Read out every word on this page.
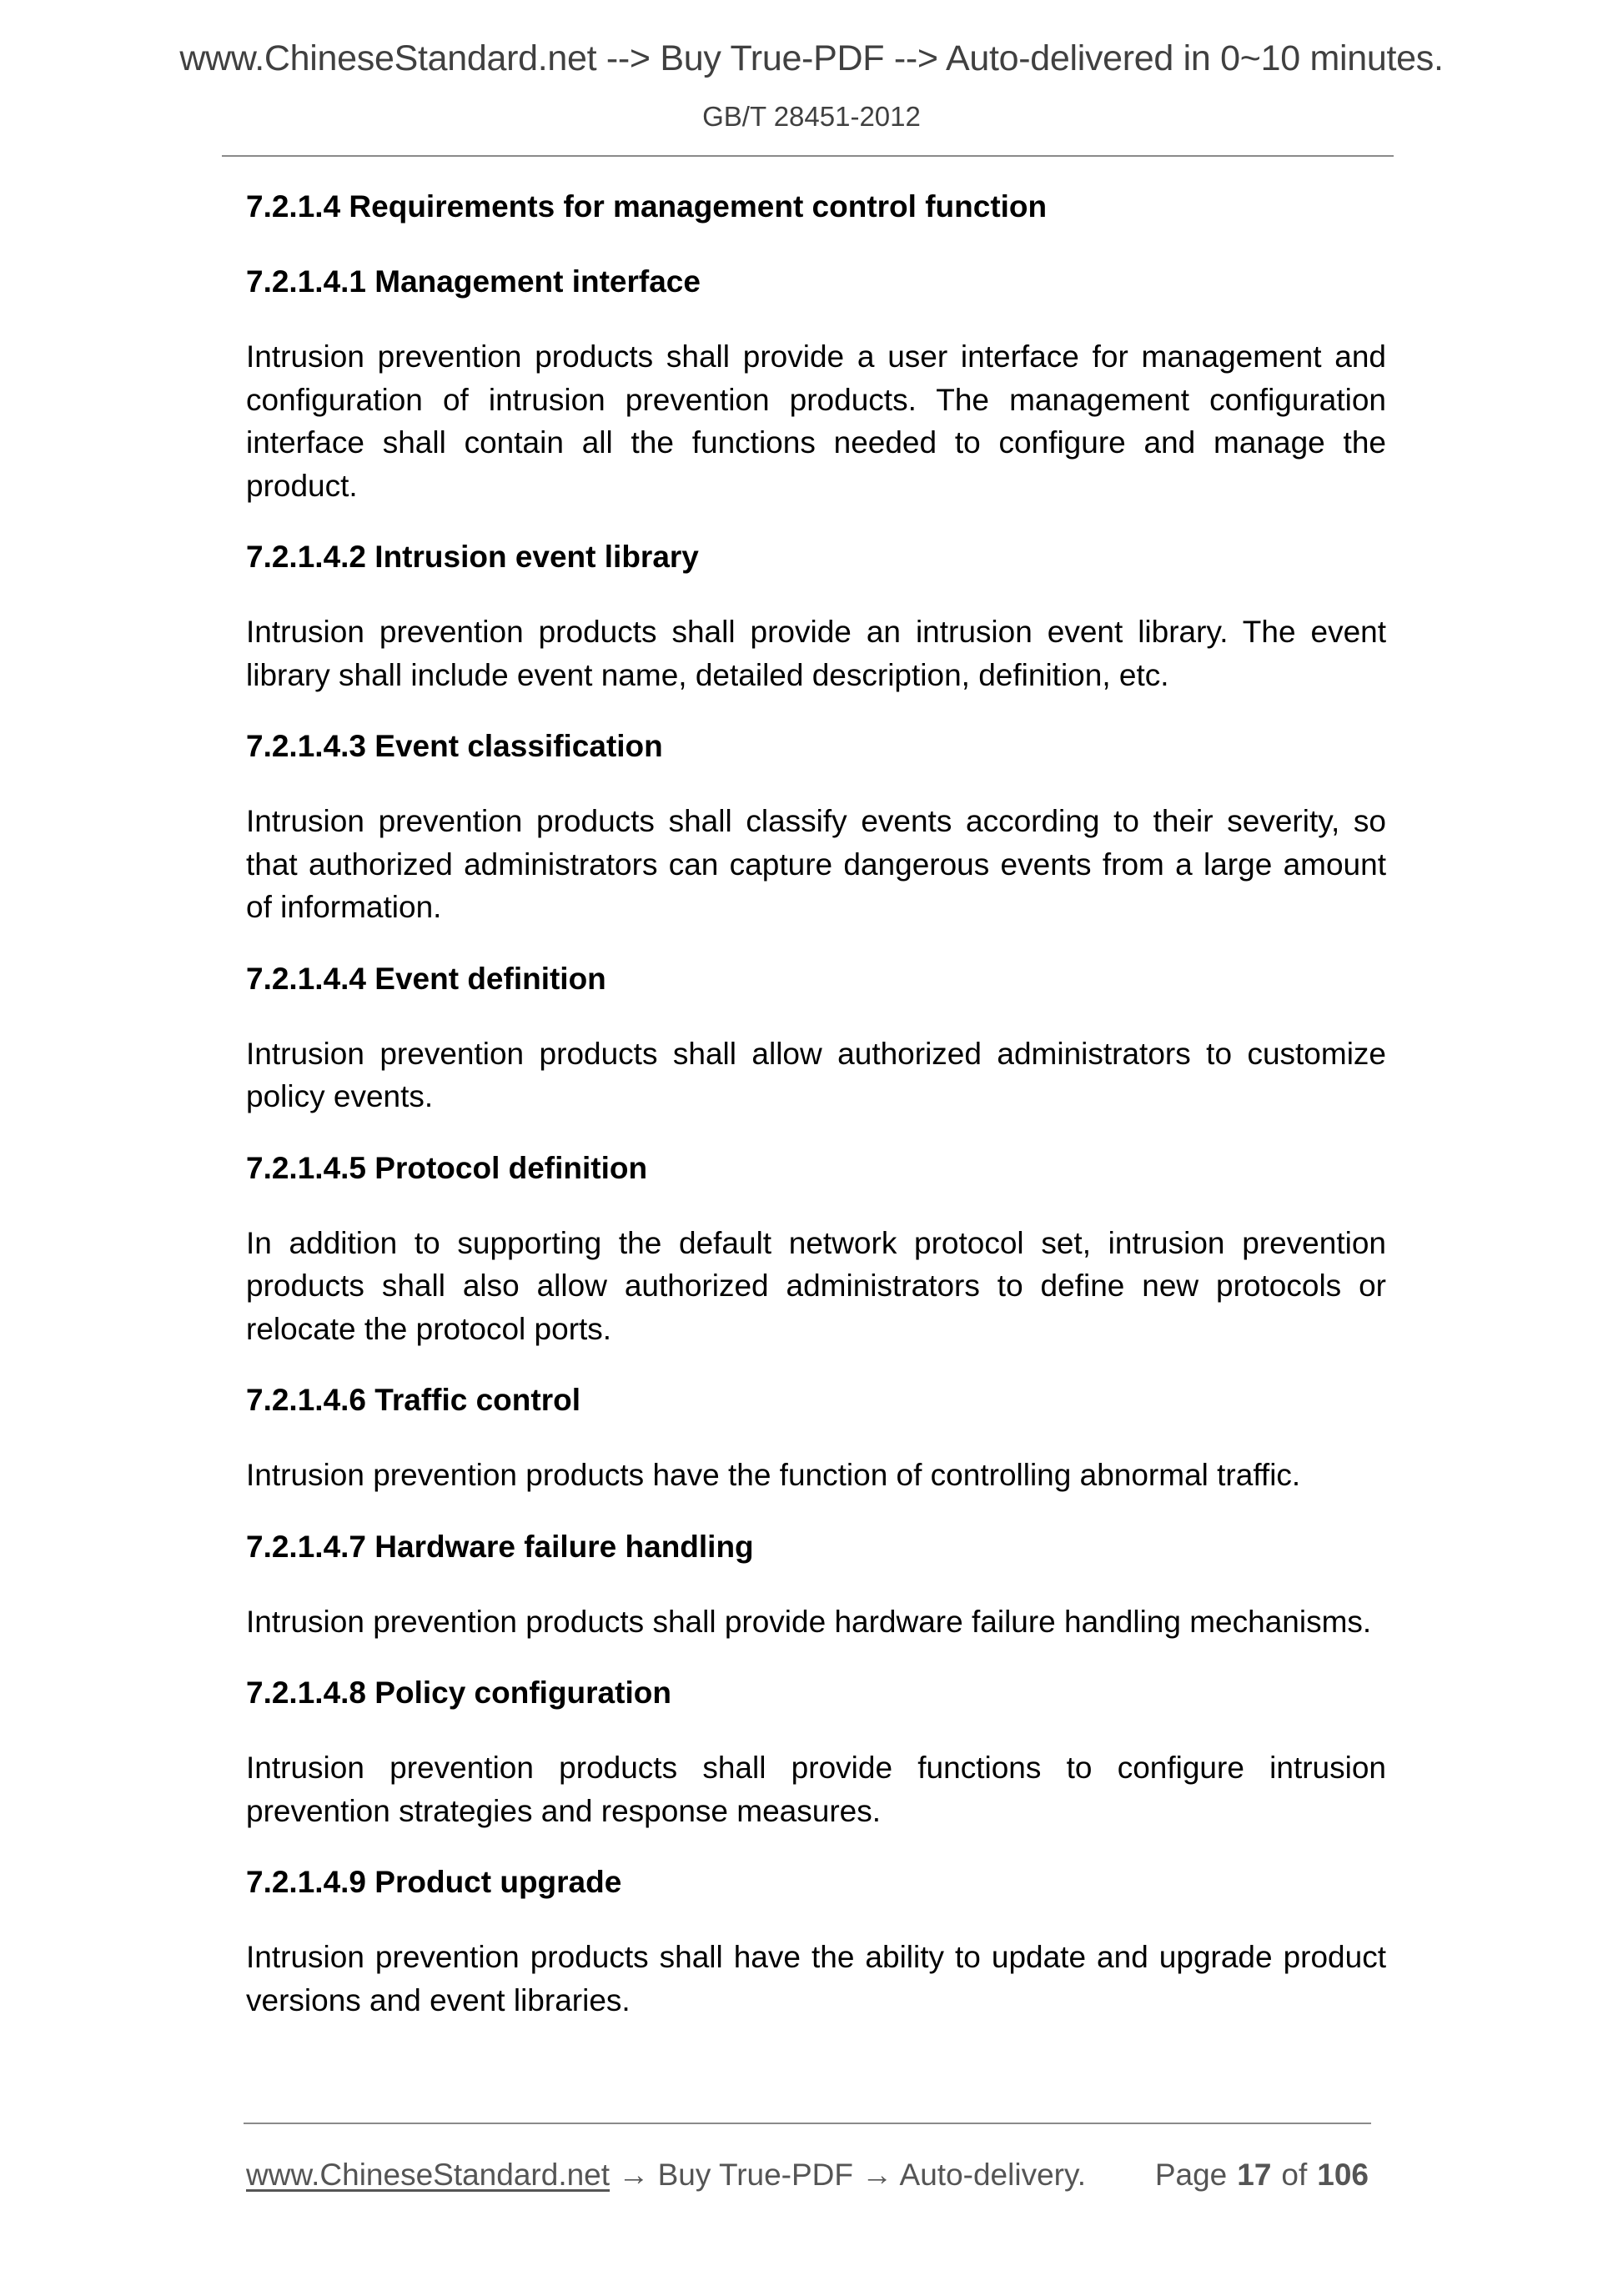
www.ChineseStandard.net --> Buy True-PDF --> Auto-delivered in 0~10 minutes.
GB/T 28451-2012
7.2.1.4 Requirements for management control function
7.2.1.4.1 Management interface

Intrusion prevention products shall provide a user interface for management and configuration of intrusion prevention products. The management configuration interface shall contain all the functions needed to configure and manage the product.

7.2.1.4.2 Intrusion event library

Intrusion prevention products shall provide an intrusion event library. The event library shall include event name, detailed description, definition, etc.

7.2.1.4.3 Event classification

Intrusion prevention products shall classify events according to their severity, so that authorized administrators can capture dangerous events from a large amount of information.

7.2.1.4.4 Event definition

Intrusion prevention products shall allow authorized administrators to customize policy events.

7.2.1.4.5 Protocol definition

In addition to supporting the default network protocol set, intrusion prevention products shall also allow authorized administrators to define new protocols or relocate the protocol ports.

7.2.1.4.6 Traffic control

Intrusion prevention products have the function of controlling abnormal traffic.

7.2.1.4.7 Hardware failure handling

Intrusion prevention products shall provide hardware failure handling mechanisms.

7.2.1.4.8 Policy configuration

Intrusion prevention products shall provide functions to configure intrusion prevention strategies and response measures.

7.2.1.4.9 Product upgrade

Intrusion prevention products shall have the ability to update and upgrade product versions and event libraries.

www.ChineseStandard.net → Buy True-PDF → Auto-delivery. Page 17 of 106
